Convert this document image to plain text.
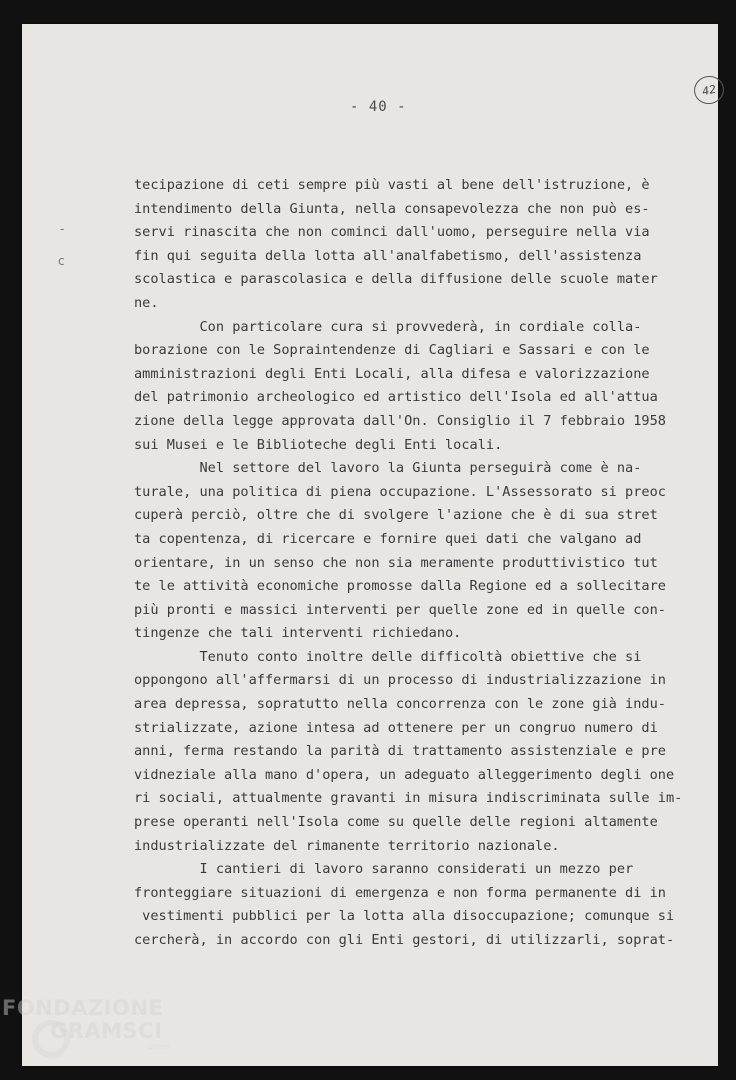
42
- 40 -
-
c
tecipazione di ceti sempre più vasti al bene dell'istruzione, è
intendimento della Giunta, nella consapevolezza che non può es-
servi rinascita che non cominci dall'uomo, perseguire nella via
fin qui seguita della lotta all'analfabetismo, dell'assistenza
scolastica e parascolasica e della diffusione delle scuole mater
ne.
Con particolare cura si provvederà, in cordiale colla-
borazione con le Sopraintendenze di Cagliari e Sassari e con le
amministrazioni degli Enti Locali, alla difesa e valorizzazione
del patrimonio archeologico ed artistico dell'Isola ed all'attua
zione della legge approvata dall'On. Consiglio il 7 febbraio 1958
sui Musei e le Biblioteche degli Enti locali.
Nel settore del lavoro la Giunta perseguirà come è na-
turale, una politica di piena occupazione. L'Assessorato si preoc
cuperà perciò, oltre che di svolgere l'azione che è di sua stret
ta copentenza, di ricercare e fornire quei dati che valgano ad
orientare, in un senso che non sia meramente produttivistico tut
te le attività economiche promosse dalla Regione ed a sollecitare
più pronti e massici interventi per quelle zone ed in quelle con-
tingenze che tali interventi richiedano.
Tenuto conto inoltre delle difficoltà obiettive che si
oppongono all'affermarsi di un processo di industrializzazione in
area depressa, sopratutto nella concorrenza con le zone già indu-
strializzate, azione intesa ad ottenere per un congruo numero di
anni, ferma restando la parità di trattamento assistenziale e pre
vidneziale alla mano d'opera, un adeguato alleggerimento degli one
ri sociali, attualmente gravanti in misura indiscriminata sulle im-
prese operanti nell'Isola come su quelle delle regioni altamente
industrializzate del rimanente territorio nazionale.
I cantieri di lavoro saranno considerati un mezzo per
fronteggiare situazioni di emergenza e non forma permanente di in
vestimenti pubblici per la lotta alla disoccupazione; comunque si
cercherà, in accordo con gli Enti gestori, di utilizzarli, soprat-
FONDAZIONE
GRAMSCI
onlus
